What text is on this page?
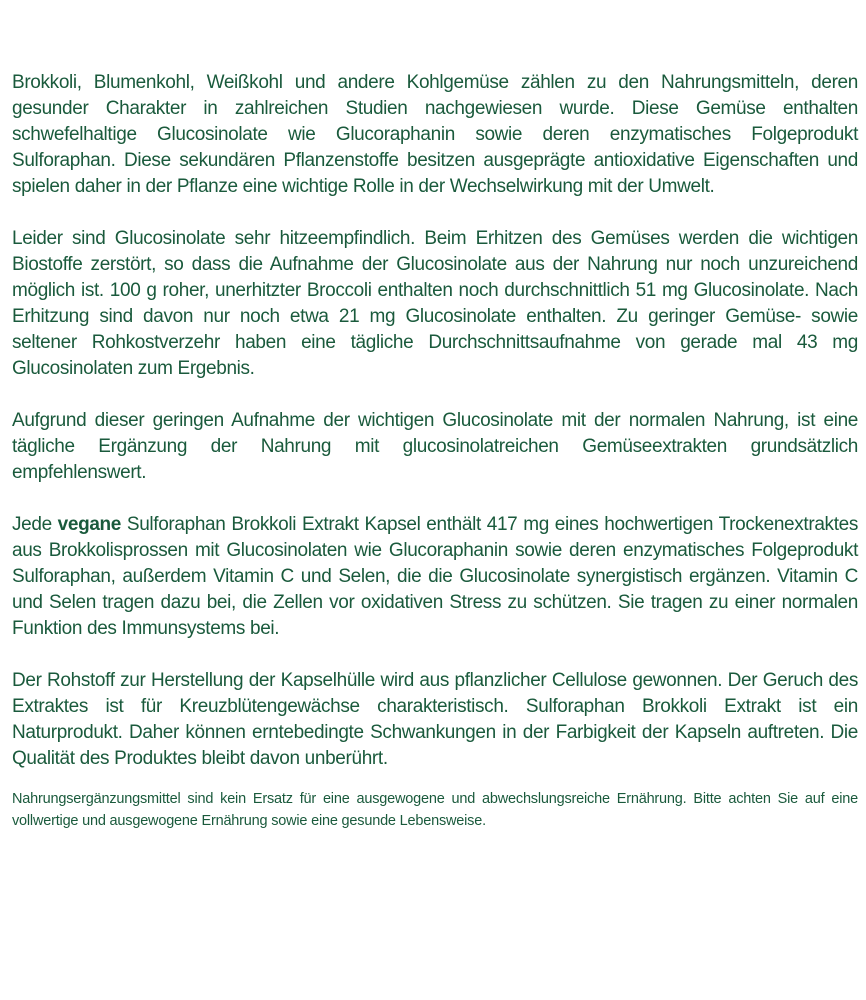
Brokkoli, Blumenkohl, Weißkohl und andere Kohlgemüse zählen zu den Nahrungsmitteln, deren gesunder Charakter in zahlreichen Studien nachgewiesen wurde. Diese Gemüse enthalten schwefelhaltige Glucosinolate wie Glucoraphanin sowie deren enzymatisches Folgeprodukt Sulforaphan. Diese sekundären Pflanzenstoffe besitzen ausgeprägte antioxidative Eigenschaften und spielen daher in der Pflanze eine wichtige Rolle in der Wechselwirkung mit der Umwelt.

Leider sind Glucosinolate sehr hitzeempfindlich. Beim Erhitzen des Gemüses werden die wichtigen Biostoffe zerstört, so dass die Aufnahme der Glucosinolate aus der Nahrung nur noch unzureichend möglich ist. 100 g roher, unerhitzter Broccoli enthalten noch durchschnittlich 51 mg Glucosinolate. Nach Erhitzung sind davon nur noch etwa 21 mg Glucosinolate enthalten. Zu geringer Gemüse- sowie seltener Rohkostverzehr haben eine tägliche Durchschnittsaufnahme von gerade mal 43 mg Glucosinolaten zum Ergebnis.

Aufgrund dieser geringen Aufnahme der wichtigen Glucosinolate mit der normalen Nahrung, ist eine tägliche Ergänzung der Nahrung mit glucosinolatreichen Gemüseextrakten grundsätzlich empfehlenswert.

Jede vegane Sulforaphan Brokkoli Extrakt Kapsel enthält 417 mg eines hochwertigen Trockenextraktes aus Brokkolisprossen mit Glucosinolaten wie Glucoraphanin sowie deren enzymatisches Folgeprodukt Sulforaphan, außerdem Vitamin C und Selen, die die Glucosinolate synergistisch ergänzen. Vitamin C und Selen tragen dazu bei, die Zellen vor oxidativen Stress zu schützen. Sie tragen zu einer normalen Funktion des Immunsystems bei.

Der Rohstoff zur Herstellung der Kapselhülle wird aus pflanzlicher Cellulose gewonnen. Der Geruch des Extraktes ist für Kreuzblütengewächse charakteristisch. Sulforaphan Brokkoli Extrakt ist ein Naturprodukt. Daher können erntebedingte Schwankungen in der Farbigkeit der Kapseln auftreten. Die Qualität des Produktes bleibt davon unberührt.

Nahrungsergänzungsmittel sind kein Ersatz für eine ausgewogene und abwechslungsreiche Ernährung. Bitte achten Sie auf eine vollwertige und ausgewogene Ernährung sowie eine gesunde Lebensweise.
